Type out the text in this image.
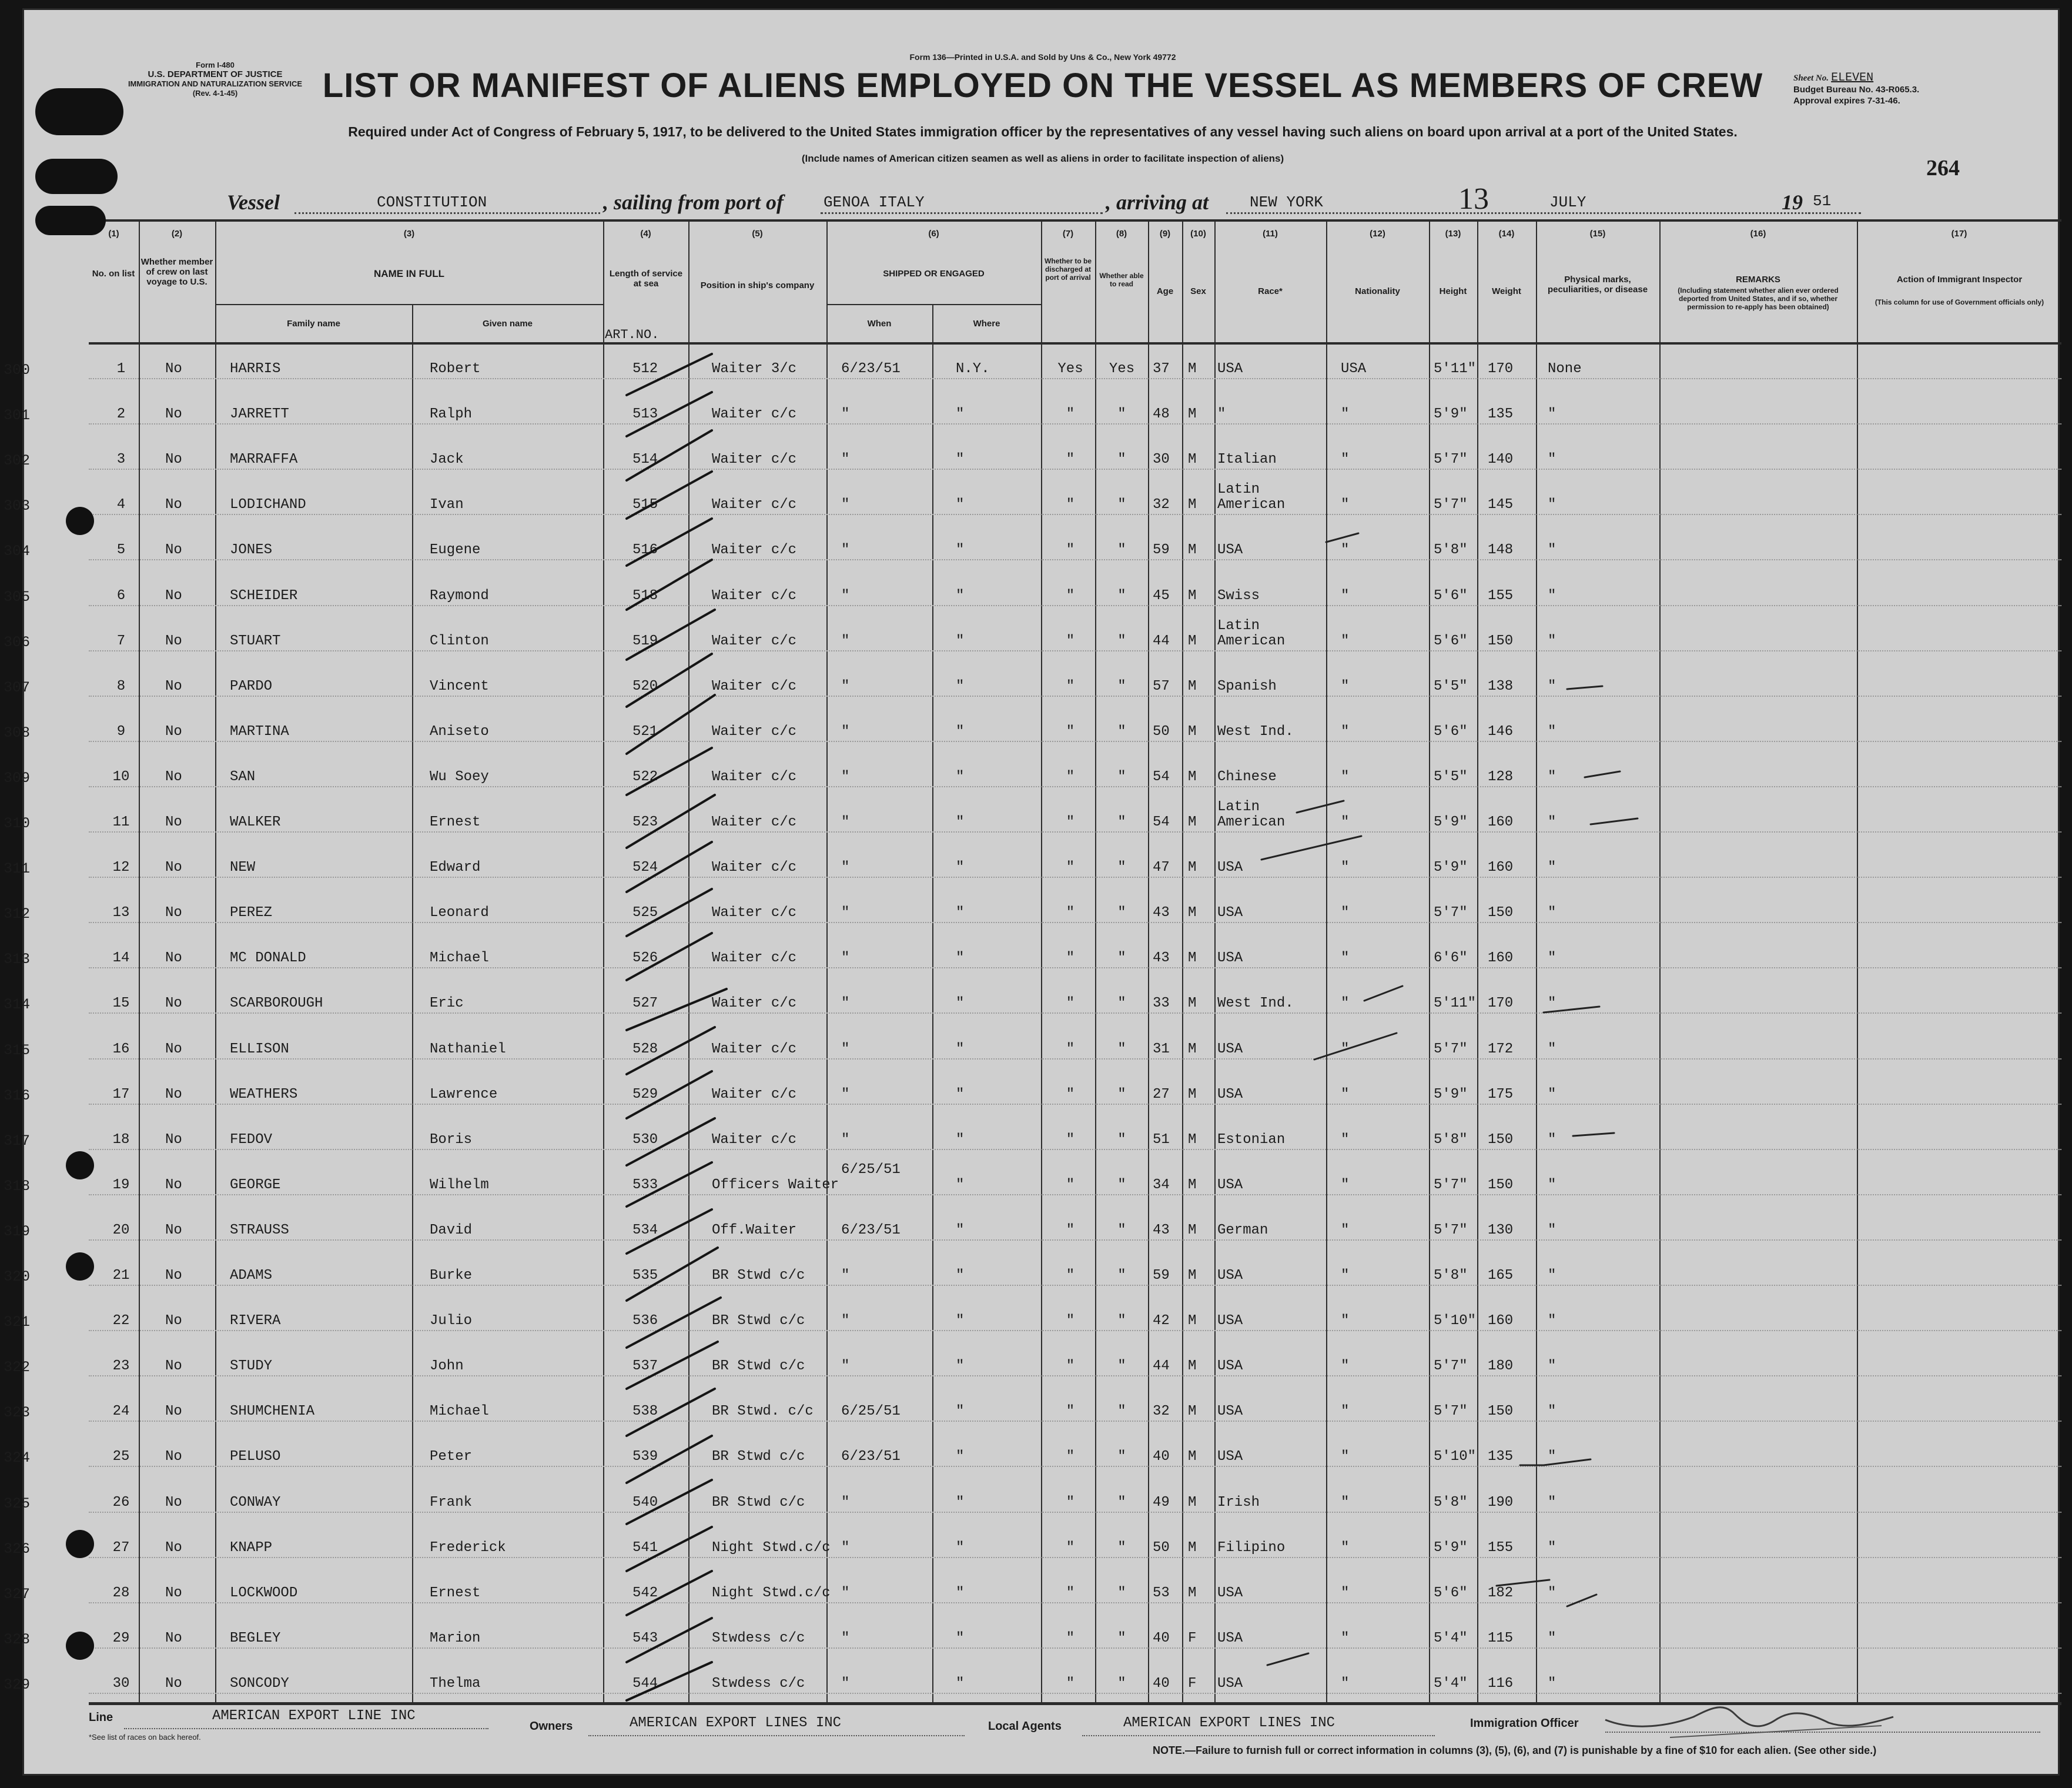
Form I-480
U.S. DEPARTMENT OF JUSTICE
IMMIGRATION AND NATURALIZATION SERVICE
(Rev. 4-1-45)
Form 136—Printed in U.S.A. and Sold by Uns & Co., New York 49772
LIST OR MANIFEST OF ALIENS EMPLOYED ON THE VESSEL AS MEMBERS OF CREW
Required under Act of Congress of February 5, 1917, to be delivered to the United States immigration officer by the representatives of any vessel having such aliens on board upon arrival at a port of the United States.
(Include names of American citizen seamen as well as aliens in order to facilitate inspection of aliens)
Sheet No. ELEVEN
Budget Bureau No. 43-R065.3.
Approval expires 7-31-46.
264
Vessel	CONSTITUTION	, sailing from port of	GENOA ITALY	, arriving at	NEW YORK	13	JULY	19 51
(1)	(2)	(3)	(4)	(5)	(6)	(7)	(8)	(9)	(10)	(11)	(12)	(13)	(14)	(15)	(16)	(17)
No. on list
Whether member of crew on last voyage to U.S.
NAME IN FULL
Family name	Given name
Length of service at sea
ART.NO.
Position in ship's company
SHIPPED OR ENGAGED
When	Where
Whether to be discharged at port of arrival	Whether able to read
Age	Sex	Race*	Nationality	Height	Weight
Physical marks, peculiarities, or disease
REMARKS
(Including statement whether alien ever ordered deported from United States, and if so, whether permission to re-apply has been obtained)
Action of Immigrant Inspector
(This column for use of Government officials only)
300	1	No	HARRIS	Robert	512	Waiter 3/c	6/23/51	N.Y.	Yes	Yes	37	M	USA	USA	5'11" 170	None
301	2	No	JARRETT	Ralph	513	Waiter c/c	"	"	"	"	48	M	"	"	5'9"	135	"
302	3	No	MARRAFFA	Jack	514	Waiter c/c	"	"	"	"	30	M	Italian	"	5'7"	140	"
303	4	No	LODICHAND	Ivan	515	Waiter c/c	"	"	"	"	32	M
Latin American	"	5'7"	145	"
304	5	No	JONES	Eugene	516	Waiter c/c	"	"	"	"	59	M	USA	"	5'8"	148	"
305	6	No	SCHEIDER	Raymond	518	Waiter c/c	"	"	"	"	45	M	Swiss	"	5'6"	155	"
306	7	No	STUART	Clinton	519	Waiter c/c	"	"	"	"	44	M
Latin American	"	5'6"	150	"
307	8	No	PARDO	Vincent	520	Waiter c/c	"	"	"	"	57	M	Spanish	"	5'5"	138	"
308	9	No	MARTINA	Aniseto	521	Waiter c/c	"	"	"	"	50	M	West Ind.	"	5'6"	146	"
309	10	No	SAN	Wu Soey	522	Waiter c/c	"	"	"	"	54	M	Chinese	"	5'5"	128	"
310	11	No	WALKER	Ernest	523	Waiter c/c	"	"	"	"	54	M
Latin American	"	5'9"	160	"
311	12	No	NEW	Edward	524	Waiter c/c	"	"	"	"	47	M	USA	"	5'9"	160	"
312	13	No	PEREZ	Leonard	525	Waiter c/c	"	"	"	"	43	M	USA	"	5'7"	150	"
313	14	No	MC DONALD	Michael	526	Waiter c/c	"	"	"	"	43	M	USA	"	6'6"	160	"
314	15	No	SCARBOROUGH	Eric	527	Waiter c/c	"	"	"	"	33	M	West Ind.	"	5'11" 170	"
315	16	No	ELLISON	Nathaniel	528	Waiter c/c	"	"	"	"	31	M	USA	"	5'7"	172	"
316	17	No	WEATHERS	Lawrence	529	Waiter c/c	"	"	"	"	27	M	USA	"	5'9"	175	"
317	18	No	FEDOV	Boris	530	Waiter c/c	"	"	"	"	51	M	Estonian	"	5'8"	150	"
318	19	No	GEORGE	Wilhelm	533	Officers Waiter
6/25/51
"	"	"	34	M	USA	"	5'7"	150	"
319	20	No	STRAUSS	David	534	Off.Waiter	6/23/51	"	"	"	43	M	German	"	5'7"	130	"
320	21	No	ADAMS	Burke	535	BR Stwd c/c	"	"	"	"	59	M	USA	"	5'8"	165	"
321	22	No	RIVERA	Julio	536	BR Stwd c/c	"	"	"	"	42	M	USA	"	5'10" 160	"
322	23	No	STUDY	John	537	BR Stwd c/c	"	"	"	"	44	M	USA	"	5'7"	180	"
323	24	No	SHUMCHENIA	Michael	538	BR Stwd. c/c	6/25/51	"	"	"	32	M	USA	"	5'7"	150	"
324	25	No	PELUSO	Peter	539	BR Stwd c/c	6/23/51	"	"	"	40	M	USA	"	5'10" 135	"
325	26	No	CONWAY	Frank	540	BR Stwd c/c	"	"	"	"	49	M	Irish	"	5'8"	190	"
326	27	No	KNAPP	Frederick	541	Night Stwd.c/c "	"	"	"	50	M	Filipino	"	5'9"	155	"
327	28	No	LOCKWOOD	Ernest	542	Night Stwd.c/c "	"	"	"	53	M	USA	"	5'6"	182	"
328	29	No	BEGLEY	Marion	543	Stwdess c/c	"	"	"	"	40	F	USA	"	5'4"	115	"
329	30	No	SONCODY	Thelma	544	Stwdess c/c	"	"	"	"	40	F	USA	"	5'4"	116	"
Line	AMERICAN EXPORT LINE INC
Owners	AMERICAN EXPORT LINES INC	Local Agents	AMERICAN EXPORT LINES INC	Immigration Officer
*See list of races on back hereof.
NOTE.—Failure to furnish full or correct information in columns (3), (5), (6), and (7) is punishable by a fine of $10 for each alien. (See other side.)
